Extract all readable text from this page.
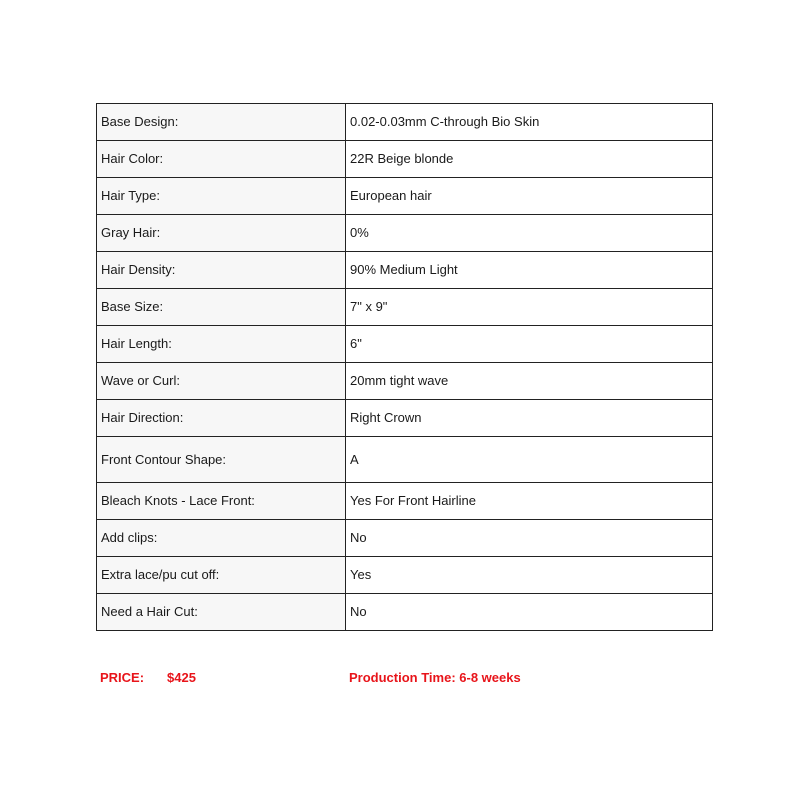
Base Design:	0.02-0.03mm C-through Bio Skin
Hair Color:	22R Beige blonde
Hair Type:	European hair
Gray Hair:	0%
Hair Density:	90% Medium Light
Base Size:	7" x 9"
Hair Length:	6"
Wave or Curl:	20mm tight wave
Hair Direction:	Right Crown
Front Contour Shape:	A
Bleach Knots - Lace Front:	Yes For Front Hairline
Add clips:	No
Extra lace/pu cut off:	Yes
Need a Hair Cut:	No
PRICE: $425	Production Time: 6-8 weeks
